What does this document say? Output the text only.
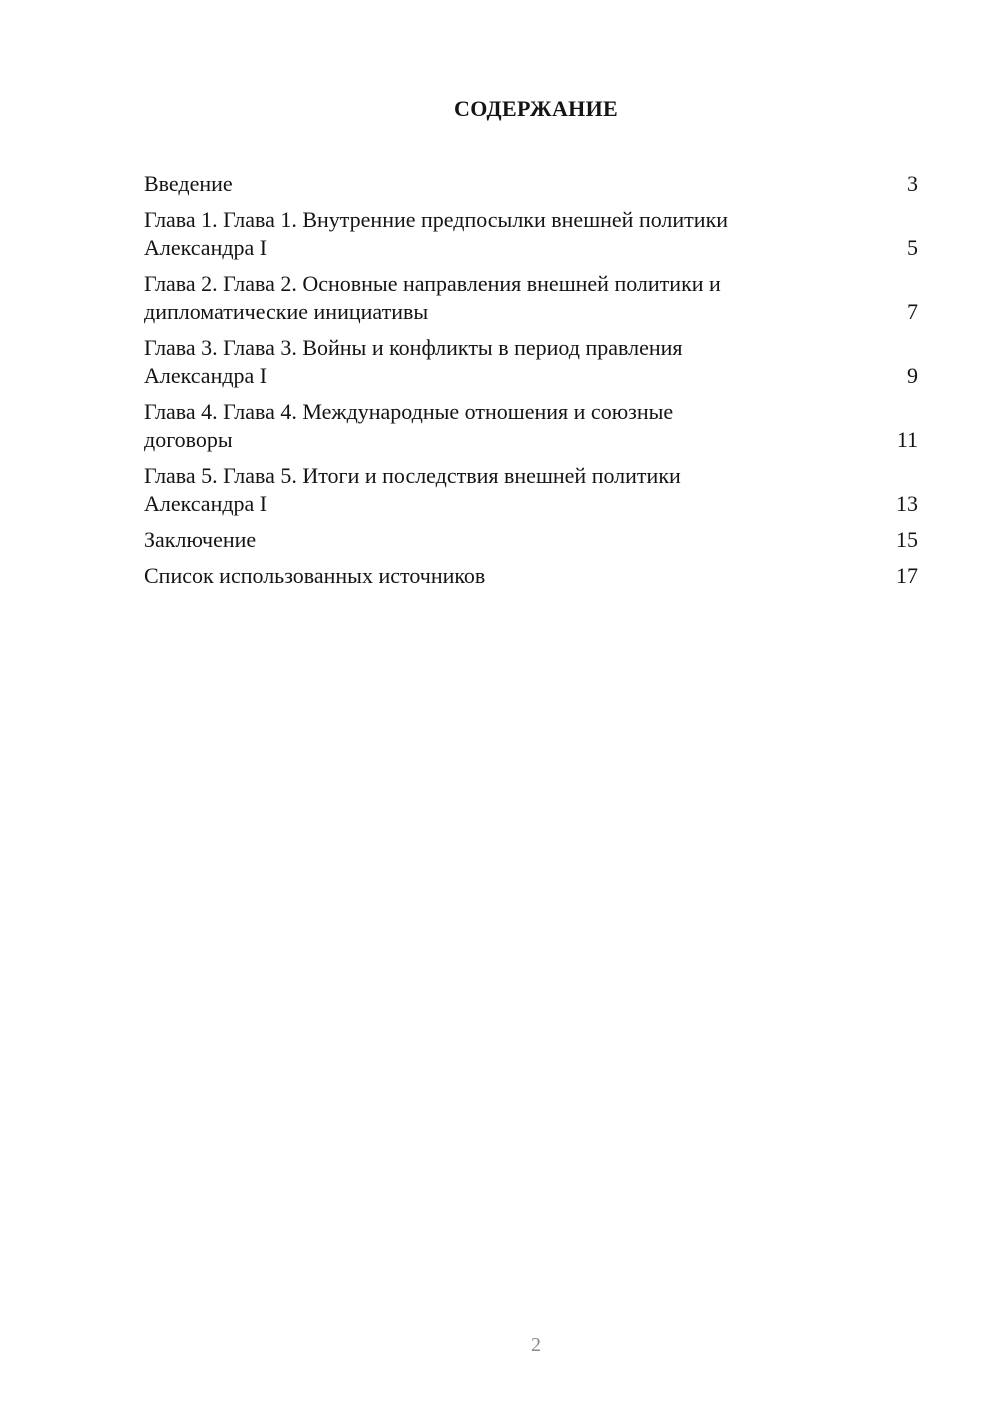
СОДЕРЖАНИЕ
Введение	3
Глава 1. Глава 1. Внутренние предпосылки внешней политики
Александра I	5
Глава 2. Глава 2. Основные направления внешней политики и
дипломатические инициативы	7
Глава 3. Глава 3. Войны и конфликты в период правления
Александра I	9
Глава 4. Глава 4. Международные отношения и союзные
договоры	11
Глава 5. Глава 5. Итоги и последствия внешней политики
Александра I	13
Заключение	15
Список использованных источников	17
2
